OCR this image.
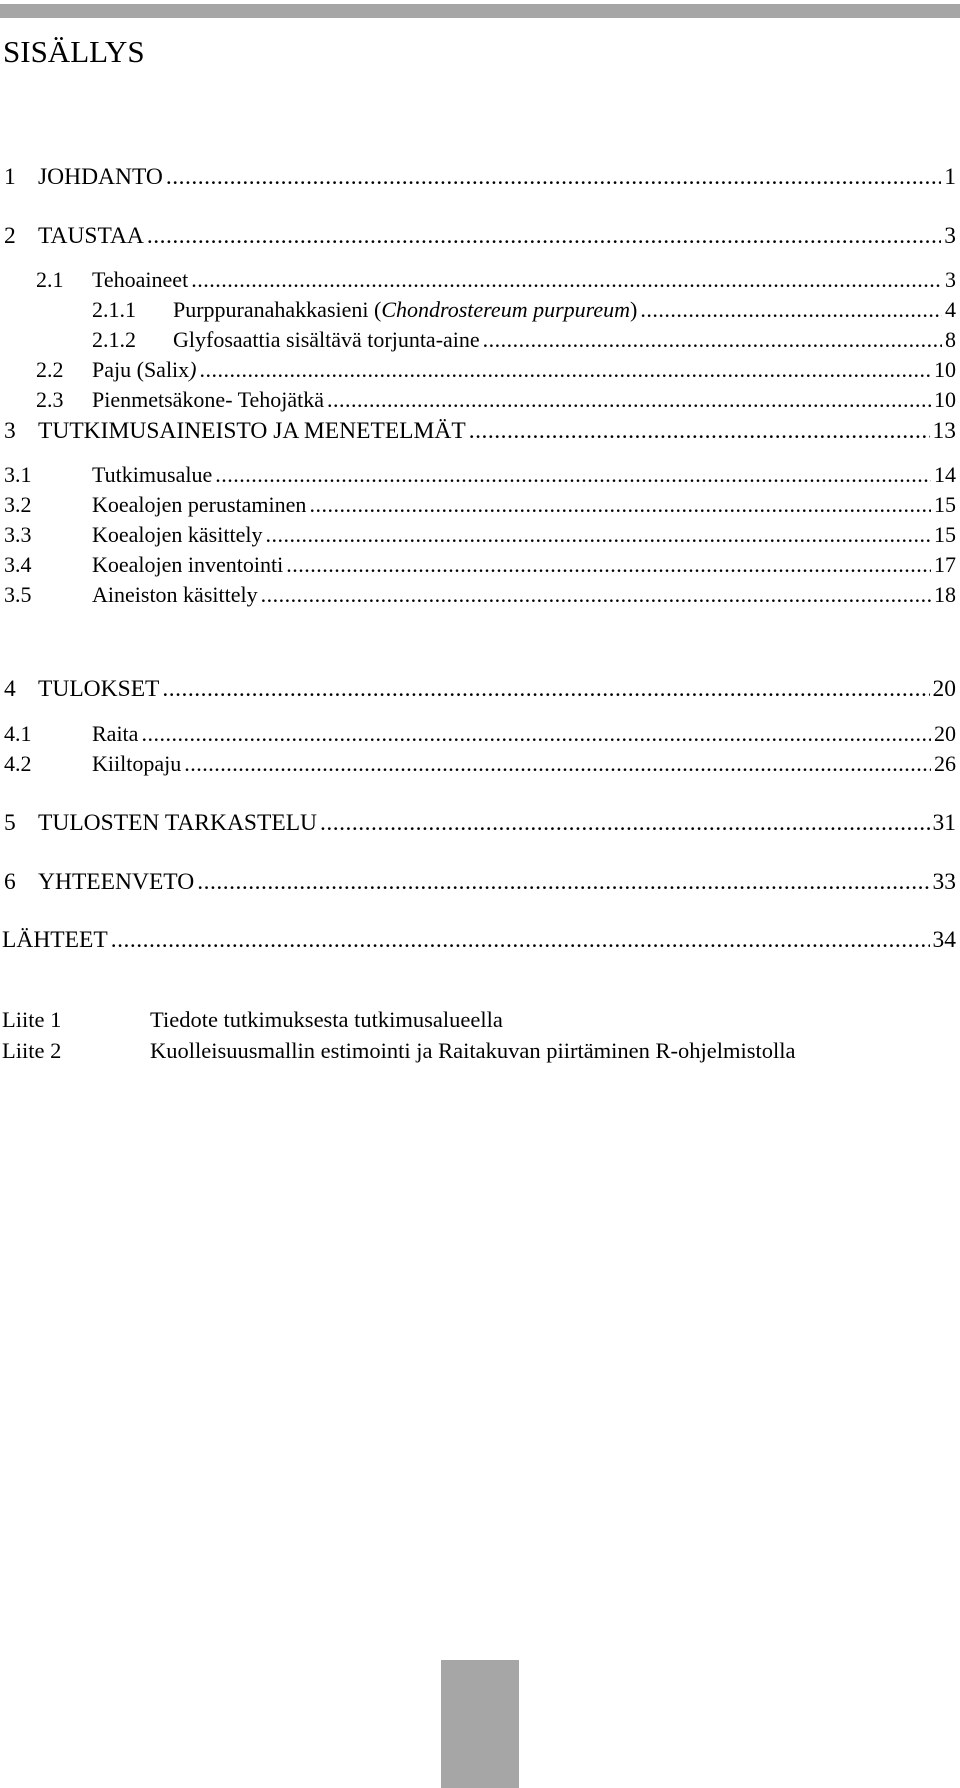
SISÄLLYS
1 JOHDANTO .....	1
2 TAUSTAA .....	3
2.1	Tehoaineet .....	3
2.1.1	Purppuranahakkasieni (Chondrostereum purpureum) .....	4
2.1.2	Glyfosaattia sisältävä torjunta-aine .....	8
2.2	Paju (Salix) .....	10
2.3	Pienmetsäkone- Tehojätkä .....	10
3 TUTKIMUSAINEISTO JA MENETELMÄT .....	13
3.1	Tutkimusalue .....	14
3.2	Koealojen perustaminen .....	15
3.3	Koealojen käsittely .....	15
3.4	Koealojen inventointi .....	17
3.5	Aineiston käsittely .....	18
4 TULOKSET .....	20
4.1	Raita .....	20
4.2	Kiiltopaju .....	26
5 TULOSTEN TARKASTELU .....	31
6 YHTEENVETO .....	33
LÄHTEET .....	34
Liite 1	Tiedote tutkimuksesta tutkimusalueella
Liite 2	Kuolleisuusmallin estimointi ja Raitakuvan piirtäminen R-ohjelmistolla
